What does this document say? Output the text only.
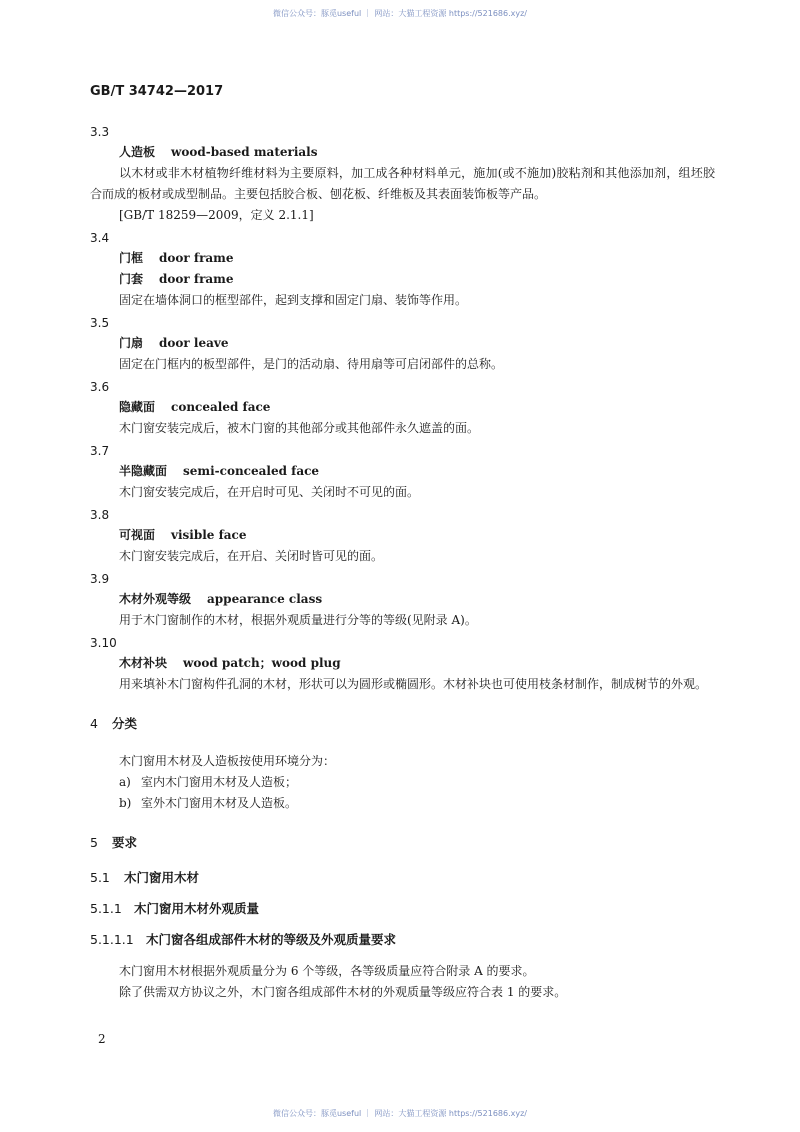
微信公众号：豚觅useful ｜ 网站：大猫工程资源 https://521686.xyz/
GB/T 34742—2017
3.3
人造板 wood-based materials
以木材或非木材植物纤维材料为主要原料，加工成各种材料单元，施加(或不施加)胶粘剂和其他添加剂，组坯胶合而成的板材或成型制品。主要包括胶合板、刨花板、纤维板及其表面装饰板等产品。
[GB/T 18259—2009，定义 2.1.1]
3.4
门框 door frame
门套 door frame
固定在墙体洞口的框型部件，起到支撑和固定门扇、装饰等作用。
3.5
门扇 door leave
固定在门框内的板型部件，是门的活动扇、待用扇等可启闭部件的总称。
3.6
隐藏面 concealed face
木门窗安装完成后，被木门窗的其他部分或其他部件永久遮盖的面。
3.7
半隐藏面 semi-concealed face
木门窗安装完成后，在开启时可见、关闭时不可见的面。
3.8
可视面 visible face
木门窗安装完成后，在开启、关闭时皆可见的面。
3.9
木材外观等级 appearance class
用于木门窗制作的木材，根据外观质量进行分等的等级(见附录 A)。
3.10
木材补块 wood patch；wood plug
用来填补木门窗构件孔洞的木材，形状可以为圆形或椭圆形。木材补块也可使用枝条材制作，制成树节的外观。
4 分类
木门窗用木材及人造板按使用环境分为：
a) 室内木门窗用木材及人造板；
b) 室外木门窗用木材及人造板。
5 要求
5.1 木门窗用木材
5.1.1 木门窗用木材外观质量
5.1.1.1 木门窗各组成部件木材的等级及外观质量要求
木门窗用木材根据外观质量分为 6 个等级，各等级质量应符合附录 A 的要求。
除了供需双方协议之外，木门窗各组成部件木材的外观质量等级应符合表 1 的要求。
2
微信公众号：豚觅useful ｜ 网站：大猫工程资源 https://521686.xyz/
